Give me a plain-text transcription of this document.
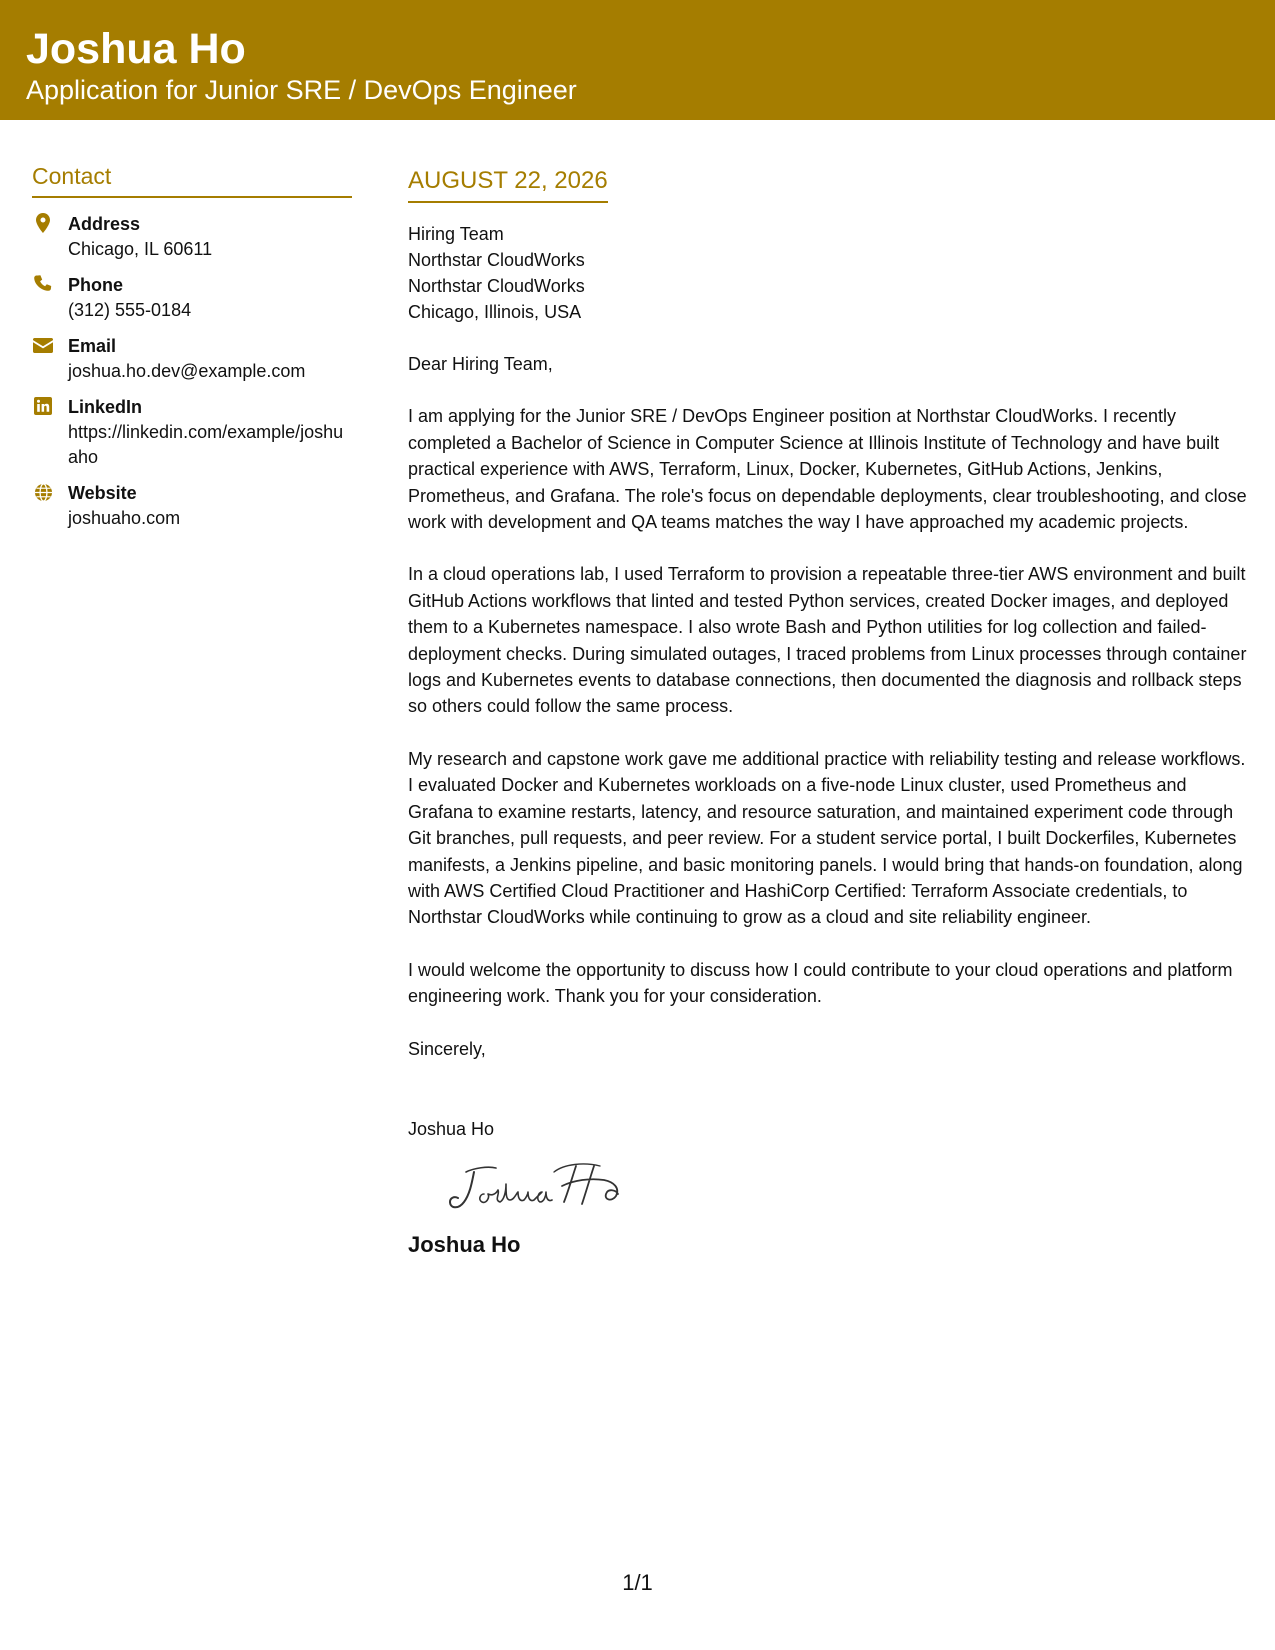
Joshua Ho

Application for Junior SRE / DevOps Engineer

Contact
Address
Chicago, IL 60611
Phone
(312) 555-0184
Email
joshua.ho.dev@example.com
LinkedIn
https://linkedin.com/example/joshuaho
Website
joshuaho.com
AUGUST 22, 2026
Hiring Team
Northstar CloudWorks
Northstar CloudWorks
Chicago, Illinois, USA

Dear Hiring Team,

I am applying for the Junior SRE / DevOps Engineer position at Northstar CloudWorks. I recently completed a Bachelor of Science in Computer Science at Illinois Institute of Technology and have built practical experience with AWS, Terraform, Linux, Docker, Kubernetes, GitHub Actions, Jenkins, Prometheus, and Grafana. The role's focus on dependable deployments, clear troubleshooting, and close work with development and QA teams matches the way I have approached my academic projects.

In a cloud operations lab, I used Terraform to provision a repeatable three-tier AWS environment and built GitHub Actions workflows that linted and tested Python services, created Docker images, and deployed them to a Kubernetes namespace. I also wrote Bash and Python utilities for log collection and failed-deployment checks. During simulated outages, I traced problems from Linux processes through container logs and Kubernetes events to database connections, then documented the diagnosis and rollback steps so others could follow the same process.

My research and capstone work gave me additional practice with reliability testing and release workflows. I evaluated Docker and Kubernetes workloads on a five-node Linux cluster, used Prometheus and Grafana to examine restarts, latency, and resource saturation, and maintained experiment code through Git branches, pull requests, and peer review. For a student service portal, I built Dockerfiles, Kubernetes manifests, a Jenkins pipeline, and basic monitoring panels. I would bring that hands-on foundation, along with AWS Certified Cloud Practitioner and HashiCorp Certified: Terraform Associate credentials, to Northstar CloudWorks while continuing to grow as a cloud and site reliability engineer.

I would welcome the opportunity to discuss how I could contribute to your cloud operations and platform engineering work. Thank you for your consideration.

Sincerely,

Joshua Ho
Joshua Ho
1/1
